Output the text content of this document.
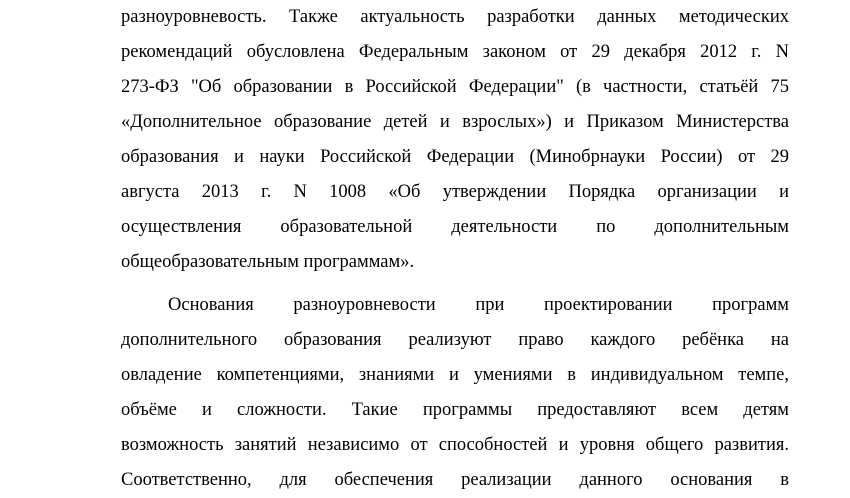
разноуровневость. Также актуальность разработки данных методических
рекомендаций обусловлена Федеральным законом от 29 декабря 2012 г. N
273-ФЗ "Об образовании в Российской Федерации" (в частности, статьёй 75
«Дополнительное образование детей и взрослых») и Приказом Министерства
образования и науки Российской Федерации (Минобрнауки России) от 29
августа 2013 г. N 1008 «Об утверждении Порядка организации и
осуществления образовательной деятельности по дополнительным
общеобразовательным программам».
Основания разноуровневости при проектировании программ
дополнительного образования реализуют право каждого ребёнка на
овладение компетенциями, знаниями и умениями в индивидуальном темпе,
объёме и сложности. Такие программы предоставляют всем детям
возможность занятий независимо от способностей и уровня общего развития.
Соответственно, для обеспечения реализации данного основания в
